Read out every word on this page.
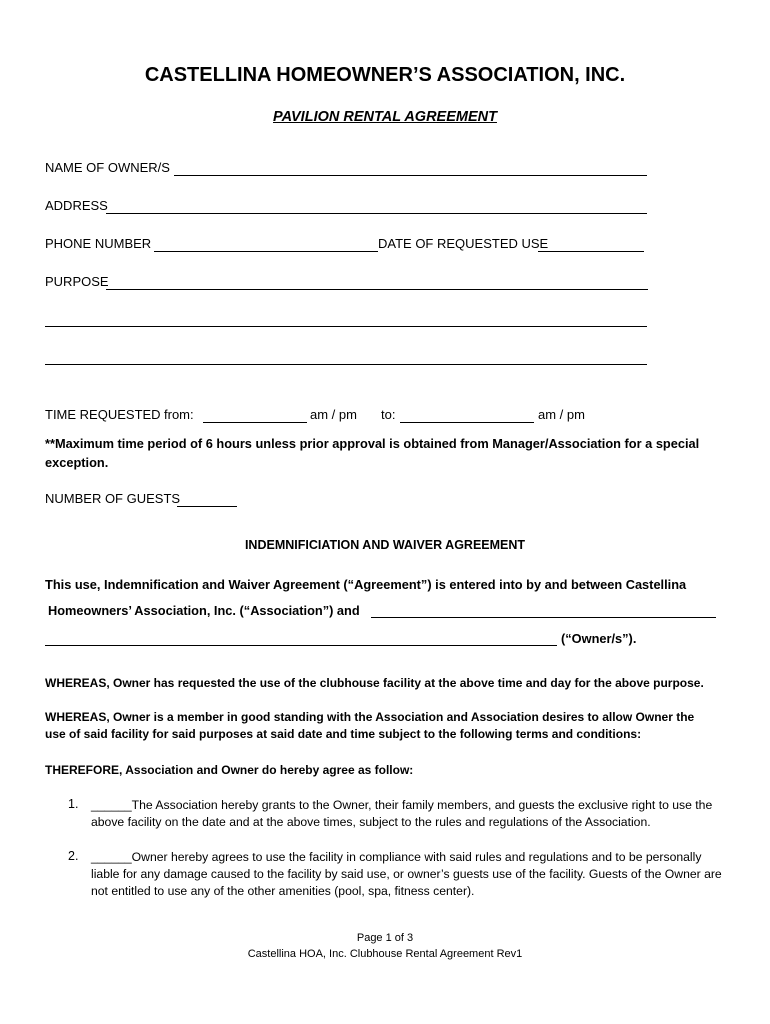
CASTELLINA HOMEOWNER’S ASSOCIATION, INC.
PAVILION RENTAL AGREEMENT
NAME OF OWNER/S
ADDRESS
PHONE NUMBER	DATE OF REQUESTED USE
PURPOSE
TIME REQUESTED from:	am / pm to:	am / pm
**Maximum time period of 6 hours unless prior approval is obtained from Manager/Association for a special exception.
NUMBER OF GUESTS
INDEMNIFICIATION AND WAIVER AGREEMENT
This use, Indemnification and Waiver Agreement (“Agreement”) is entered into by and between Castellina
Homeowners’ Association, Inc. (“Association”) and
(“Owner/s”).
WHEREAS, Owner has requested the use of the clubhouse facility at the above time and day for the above purpose.
WHEREAS, Owner is a member in good standing with the Association and Association desires to allow Owner the use of said facility for said purposes at said date and time subject to the following terms and conditions:
THEREFORE, Association and Owner do hereby agree as follow:
1. ______The Association hereby grants to the Owner, their family members, and guests the exclusive right to use the above facility on the date and at the above times, subject to the rules and regulations of the Association.
2. ______Owner hereby agrees to use the facility in compliance with said rules and regulations and to be personally liable for any damage caused to the facility by said use, or owner’s guests use of the facility. Guests of the Owner are not entitled to use any of the other amenities (pool, spa, fitness center).
Page 1 of 3
Castellina HOA, Inc. Clubhouse Rental Agreement Rev1
